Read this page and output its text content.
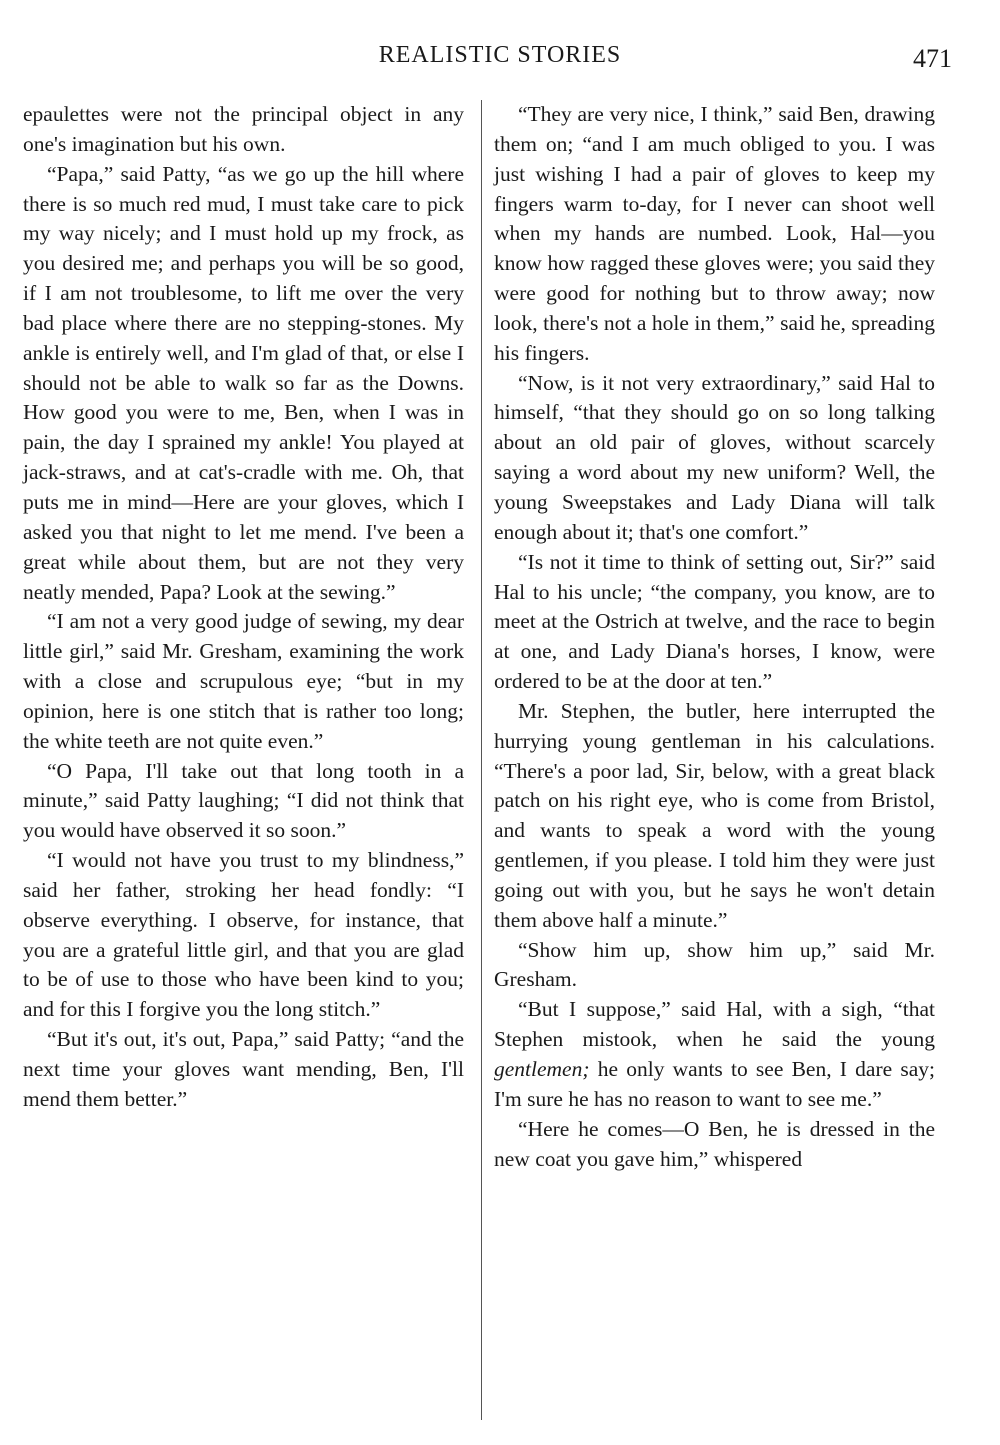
REALISTIC STORIES	471

epaulettes were not the principal object in any one's imagination but his own.

“Papa,” said Patty, “as we go up the hill where there is so much red mud, I must take care to pick my way nicely; and I must hold up my frock, as you desired me; and perhaps you will be so good, if I am not troublesome, to lift me over the very bad place where there are no stepping-stones. My ankle is entirely well, and I'm glad of that, or else I should not be able to walk so far as the Downs. How good you were to me, Ben, when I was in pain, the day I sprained my ankle! You played at jack-straws, and at cat's-cradle with me. Oh, that puts me in mind—Here are your gloves, which I asked you that night to let me mend. I've been a great while about them, but are not they very neatly mended, Papa? Look at the sewing.”

“I am not a very good judge of sewing, my dear little girl,” said Mr. Gresham, examining the work with a close and scrupulous eye; “but in my opinion, here is one stitch that is rather too long; the white teeth are not quite even.”

“O Papa, I'll take out that long tooth in a minute,” said Patty laughing; “I did not think that you would have observed it so soon.”

“I would not have you trust to my blindness,” said her father, stroking her head fondly: “I observe everything. I observe, for instance, that you are a grateful little girl, and that you are glad to be of use to those who have been kind to you; and for this I forgive you the long stitch.”

“But it's out, it's out, Papa,” said Patty; “and the next time your gloves want mending, Ben, I'll mend them better.”

“They are very nice, I think,” said Ben, drawing them on; “and I am much obliged to you. I was just wishing I had a pair of gloves to keep my fingers warm to-day, for I never can shoot well when my hands are numbed. Look, Hal—you know how ragged these gloves were; you said they were good for nothing but to throw away; now look, there's not a hole in them,” said he, spreading his fingers.

“Now, is it not very extraordinary,” said Hal to himself, “that they should go on so long talking about an old pair of gloves, without scarcely saying a word about my new uniform? Well, the young Sweepstakes and Lady Diana will talk enough about it; that's one comfort.”

“Is not it time to think of setting out, Sir?” said Hal to his uncle; “the company, you know, are to meet at the Ostrich at twelve, and the race to begin at one, and Lady Diana's horses, I know, were ordered to be at the door at ten.”

Mr. Stephen, the butler, here interrupted the hurrying young gentleman in his calculations. “There's a poor lad, Sir, below, with a great black patch on his right eye, who is come from Bristol, and wants to speak a word with the young gentlemen, if you please. I told him they were just going out with you, but he says he won't detain them above half a minute.”

“Show him up, show him up,” said Mr. Gresham.

“But I suppose,” said Hal, with a sigh, “that Stephen mistook, when he said the young gentlemen; he only wants to see Ben, I dare say; I'm sure he has no reason to want to see me.”

“Here he comes—O Ben, he is dressed in the new coat you gave him,” whispered
